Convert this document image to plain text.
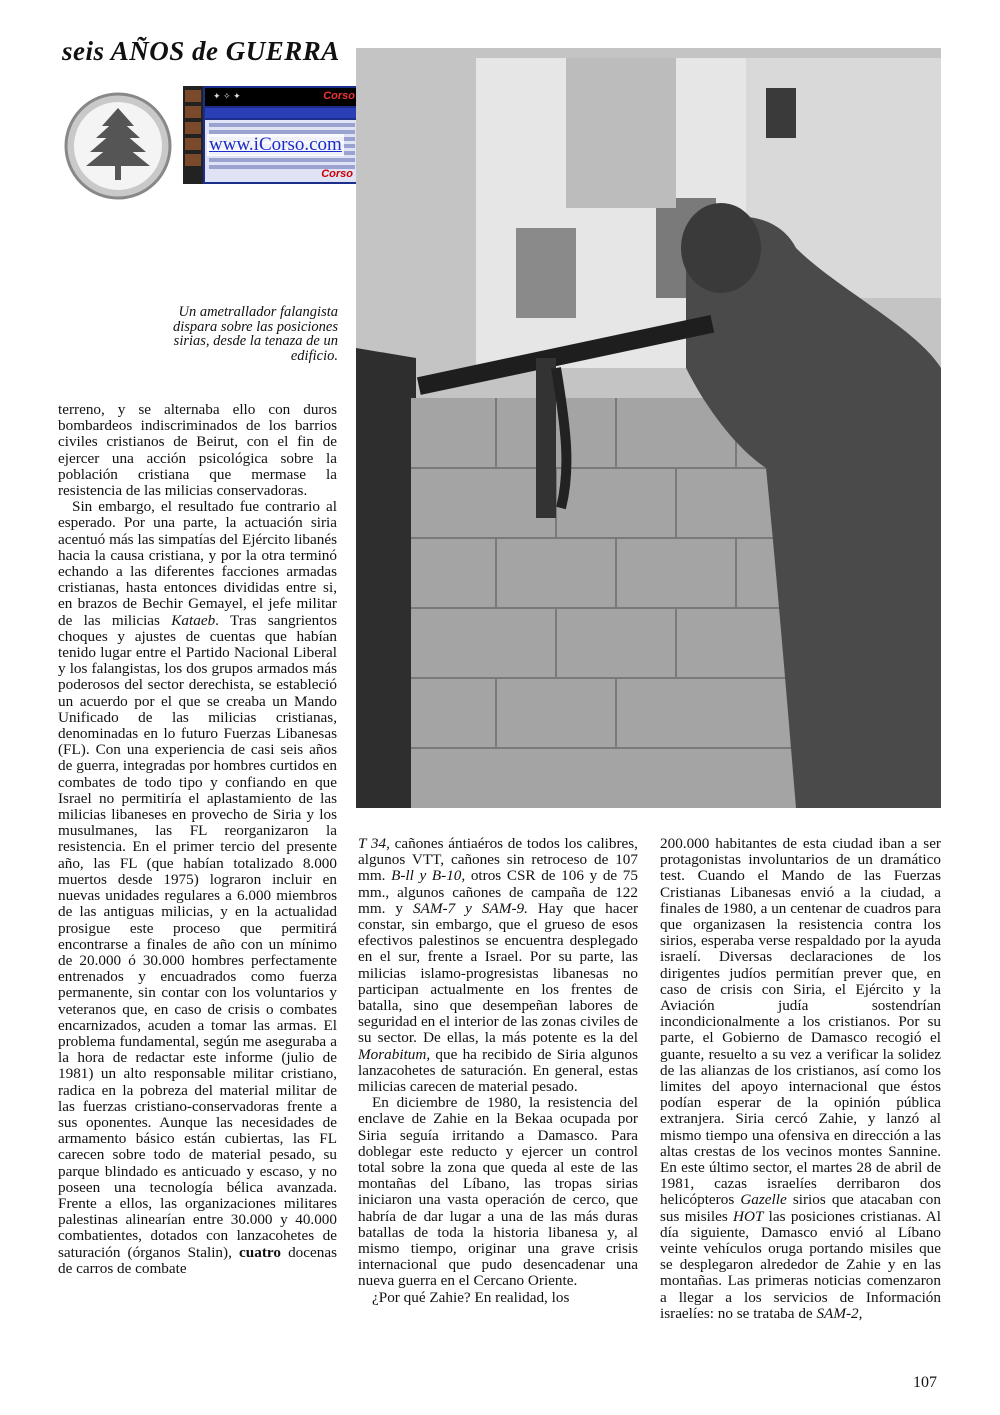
seis AÑOS de GUERRA
✦ ✧ ✦	Corso
www.iCorso.com
Corso
Un ametrallador falangista dispara sobre las posiciones sirias, desde la tenaza de un edificio.

terreno, y se alternaba ello con duros bombardeos indiscriminados de los barrios civiles cristianos de Beirut, con el fin de ejercer una acción psicológica sobre la población cristiana que mermase la resistencia de las milicias conservadoras.

Sin embargo, el resultado fue contrario al esperado. Por una parte, la actuación siria acentuó más las simpatías del Ejército libanés hacia la causa cristiana, y por la otra terminó echando a las diferentes facciones armadas cristianas, hasta entonces divididas entre si, en brazos de Bechir Gemayel, el jefe militar de las milicias Kataeb. Tras sangrientos choques y ajustes de cuentas que habían tenido lugar entre el Partido Nacional Liberal y los falangistas, los dos grupos armados más poderosos del sector derechista, se estableció un acuerdo por el que se creaba un Mando Unificado de las milicias cristianas, denominadas en lo futuro Fuerzas Libanesas (FL). Con una experiencia de casi seis años de guerra, integradas por hombres curtidos en combates de todo tipo y confiando en que Israel no permitiría el aplastamiento de las milicias libaneses en provecho de Siria y los musulmanes, las FL reorganizaron la resistencia. En el primer tercio del presente año, las FL (que habían totalizado 8.000 muertos desde 1975) lograron incluir en nuevas unidades regulares a 6.000 miembros de las antiguas milicias, y en la actualidad prosigue este proceso que permitirá encontrarse a finales de año con un mínimo de 20.000 ó 30.000 hombres perfectamente entrenados y encuadrados como fuerza permanente, sin contar con los voluntarios y veteranos que, en caso de crisis o combates encarnizados, acuden a tomar las armas. El problema fundamental, según me aseguraba a la hora de redactar este informe (julio de 1981) un alto responsable militar cristiano, radica en la pobreza del material militar de las fuerzas cristiano-conservadoras frente a sus oponentes. Aunque las necesidades de armamento básico están cubiertas, las FL carecen sobre todo de material pesado, su parque blindado es anticuado y escaso, y no poseen una tecnología bélica avanzada. Frente a ellos, las organizaciones militares palestinas alinearían entre 30.000 y 40.000 combatientes, dotados con lanzacohetes de saturación (órganos Stalin), cuatro docenas de carros de combate

T 34, cañones ántiaéros de todos los calibres, algunos VTT, cañones sin retroceso de 107 mm. B-ll y B-10, otros CSR de 106 y de 75 mm., algunos cañones de campaña de 122 mm. y SAM-7 y SAM-9. Hay que hacer constar, sin embargo, que el grueso de esos efectivos palestinos se encuentra desplegado en el sur, frente a Israel. Por su parte, las milicias islamo-progresistas libanesas no participan actualmente en los frentes de batalla, sino que desempeñan labores de seguridad en el interior de las zonas civiles de su sector. De ellas, la más potente es la del Morabitum, que ha recibido de Siria algunos lanzacohetes de saturación. En general, estas milicias carecen de material pesado.

En diciembre de 1980, la resistencia del enclave de Zahie en la Bekaa ocupada por Siria seguía irritando a Damasco. Para doblegar este reducto y ejercer un control total sobre la zona que queda al este de las montañas del Líbano, las tropas sirias iniciaron una vasta operación de cerco, que habría de dar lugar a una de las más duras batallas de toda la historia libanesa y, al mismo tiempo, originar una grave crisis internacional que pudo desencadenar una nueva guerra en el Cercano Oriente.

¿Por qué Zahie? En realidad, los

200.000 habitantes de esta ciudad iban a ser protagonistas involuntarios de un dramático test. Cuando el Mando de las Fuerzas Cristianas Libanesas envió a la ciudad, a finales de 1980, a un centenar de cuadros para que organizasen la resistencia contra los sirios, esperaba verse respaldado por la ayuda israelí. Diversas declaraciones de los dirigentes judíos permitían prever que, en caso de crisis con Siria, el Ejército y la Aviación judía sostendrían incondicionalmente a los cristianos. Por su parte, el Gobierno de Damasco recogió el guante, resuelto a su vez a verificar la solidez de las alianzas de los cristianos, así como los limites del apoyo internacional que éstos podían esperar de la opinión pública extranjera. Siria cercó Zahie, y lanzó al mismo tiempo una ofensiva en dirección a las altas crestas de los vecinos montes Sannine. En este último sector, el martes 28 de abril de 1981, cazas israelíes derribaron dos helicópteros Gazelle sirios que atacaban con sus misiles HOT las posiciones cristianas. Al día siguiente, Damasco envió al Líbano veinte vehículos oruga portando misiles que se desplegaron alrededor de Zahie y en las montañas. Las primeras noticias comenzaron a llegar a los servicios de Información israelíes: no se trataba de SAM-2,

107
